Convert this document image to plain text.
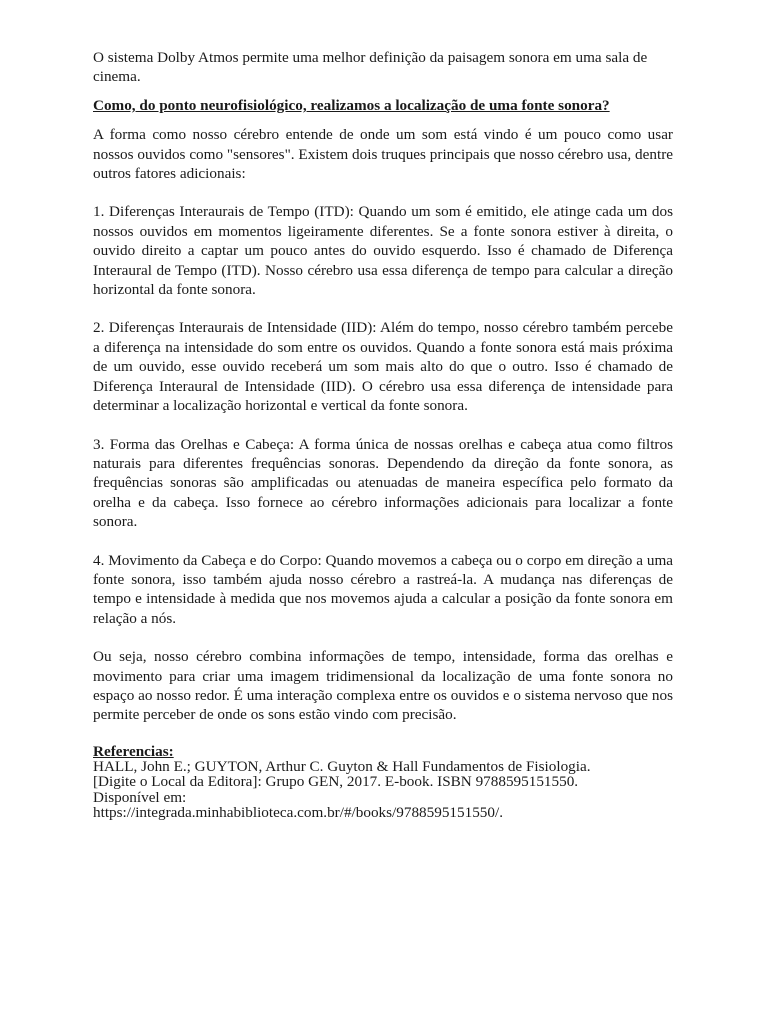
O sistema Dolby Atmos permite uma melhor definição da paisagem sonora em uma sala de cinema.

Como, do ponto neurofisiológico, realizamos a localização de uma fonte sonora?

A forma como nosso cérebro entende de onde um som está vindo é um pouco como usar nossos ouvidos como "sensores". Existem dois truques principais que nosso cérebro usa, dentre outros fatores adicionais:

1. Diferenças Interaurais de Tempo (ITD): Quando um som é emitido, ele atinge cada um dos nossos ouvidos em momentos ligeiramente diferentes. Se a fonte sonora estiver à direita, o ouvido direito a captar um pouco antes do ouvido esquerdo. Isso é chamado de Diferença Interaural de Tempo (ITD). Nosso cérebro usa essa diferença de tempo para calcular a direção horizontal da fonte sonora.

2. Diferenças Interaurais de Intensidade (IID): Além do tempo, nosso cérebro também percebe a diferença na intensidade do som entre os ouvidos. Quando a fonte sonora está mais próxima de um ouvido, esse ouvido receberá um som mais alto do que o outro. Isso é chamado de Diferença Interaural de Intensidade (IID). O cérebro usa essa diferença de intensidade para determinar a localização horizontal e vertical da fonte sonora.

3. Forma das Orelhas e Cabeça: A forma única de nossas orelhas e cabeça atua como filtros naturais para diferentes frequências sonoras. Dependendo da direção da fonte sonora, as frequências sonoras são amplificadas ou atenuadas de maneira específica pelo formato da orelha e da cabeça. Isso fornece ao cérebro informações adicionais para localizar a fonte sonora.

4. Movimento da Cabeça e do Corpo: Quando movemos a cabeça ou o corpo em direção a uma fonte sonora, isso também ajuda nosso cérebro a rastreá-la. A mudança nas diferenças de tempo e intensidade à medida que nos movemos ajuda a calcular a posição da fonte sonora em relação a nós.

Ou seja, nosso cérebro combina informações de tempo, intensidade, forma das orelhas e movimento para criar uma imagem tridimensional da localização de uma fonte sonora no espaço ao nosso redor. É uma interação complexa entre os ouvidos e o sistema nervoso que nos permite perceber de onde os sons estão vindo com precisão.

Referencias:
HALL, John E.; GUYTON, Arthur C. Guyton & Hall Fundamentos de Fisiologia.
[Digite o Local da Editora]: Grupo GEN, 2017. E-book. ISBN 9788595151550.
Disponível em:
https://integrada.minhabiblioteca.com.br/#/books/9788595151550/.
